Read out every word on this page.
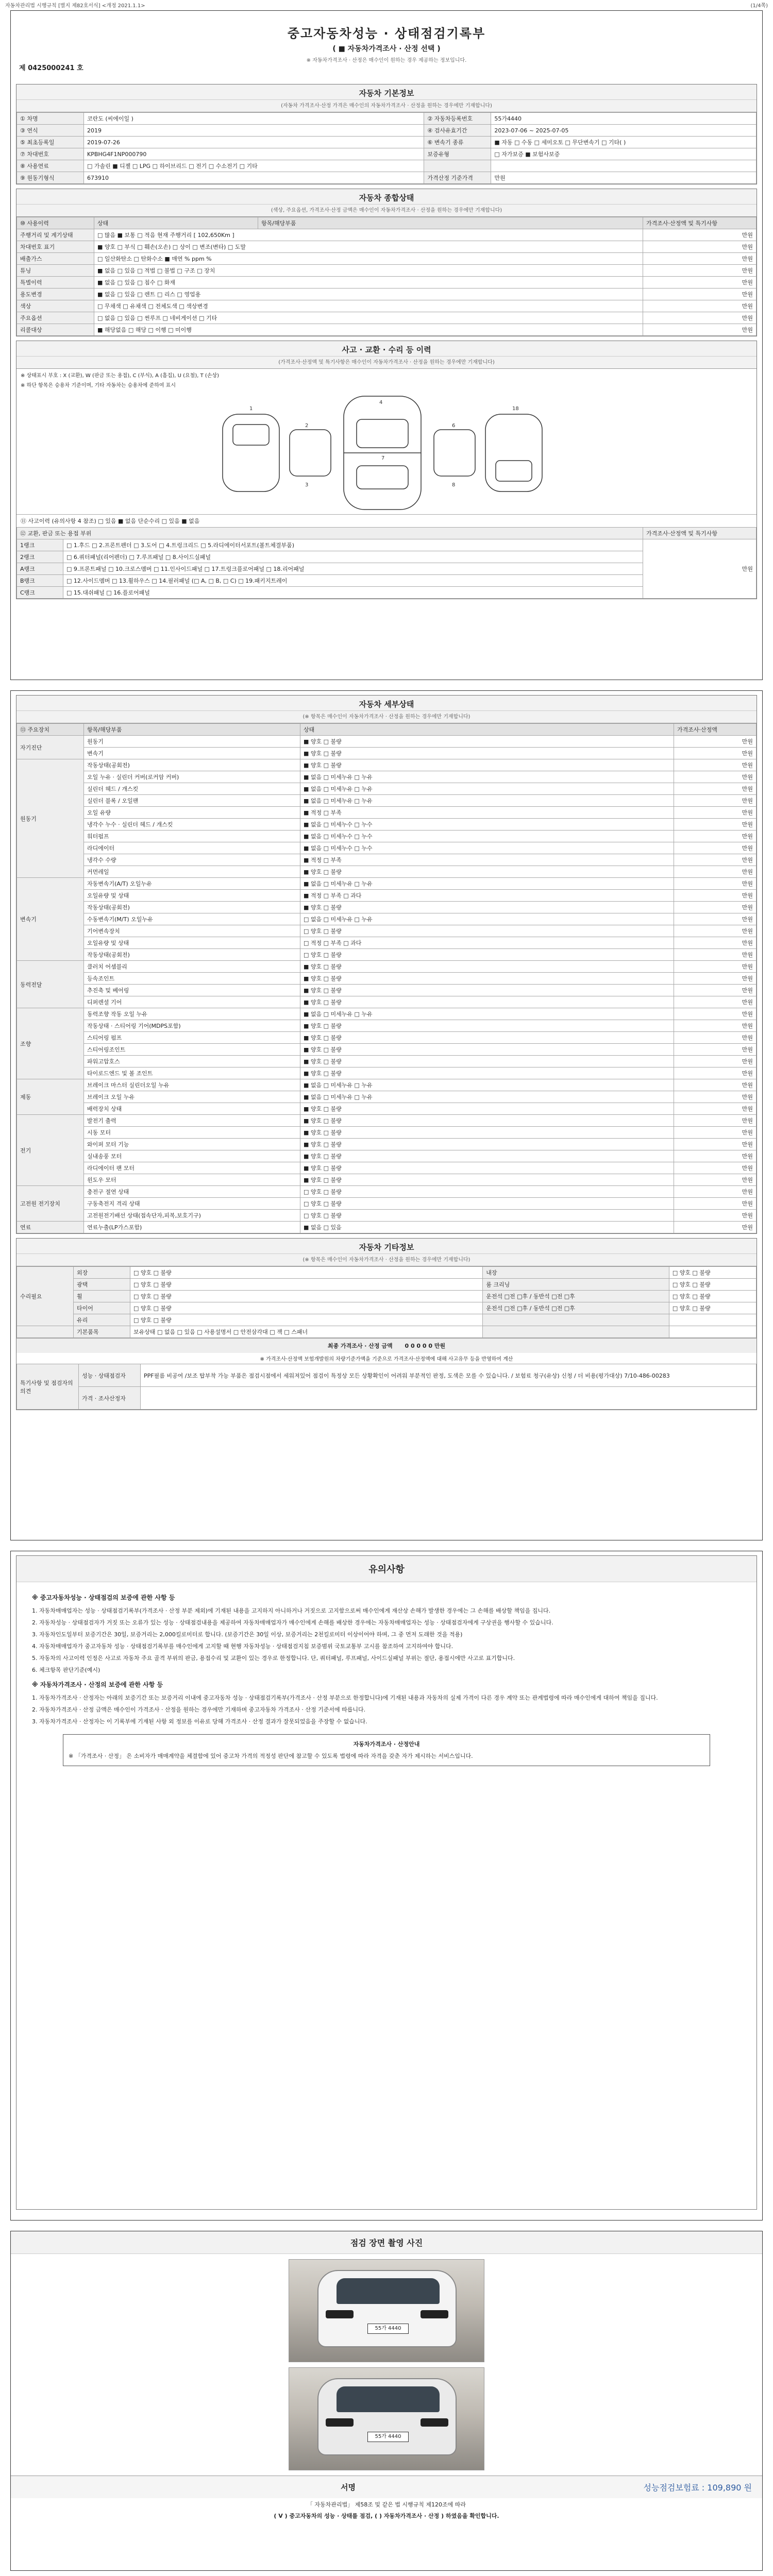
자동차관리법 시행규칙 [별지 제82호서식] <개정 2021.1.1>	(1/4쪽)
중고자동차성능 · 상태점검기록부
( ■ 자동차가격조사 · 산정 선택 )
※ 자동차가격조사 · 산정은 매수인이 원하는 경우 제공하는 정보입니다.
제 0425000241 호
자동차 기본정보
(자동차 가격조사·산정 가격은 매수인의 자동차가격조사 · 산정을 원하는 경우에만 기재합니다)
① 차명	코란도 (씨에이일 )	② 자동차등록번호	55가4440
③ 연식	2019	④ 검사유효기간	2023-07-06 ~ 2025-07-05
⑤ 최초등록일	2019-07-26	⑥ 변속기 종류	■ 자동 □ 수동 □ 세미오토 □ 무단변속기 □ 기타( )
⑦ 차대번호	KPBHG4F1NP000790	보증유형	□ 자가보증 ■ 보험사보증
⑧ 사용연료	□ 가솔린 ■ 디젤 □ LPG □ 하이브리드 □ 전기 □ 수소전기 □ 기타		
⑨ 원동기형식	673910	가격산정 기준가격	만원
자동차 종합상태
(색상, 주요옵션, 가격조사·산정 금액은 매수인이 자동차가격조사 · 산정을 원하는 경우에만 기재합니다)
⑩ 사용이력	상태	항목/해당부품	가격조사·산정액 및 특기사항
주행거리 및 계기상태	□ 많음 ■ 보통 □ 적음 현재 주행거리 [ 102,650Km ]		만원
차대번호 표기	■ 양호 □ 부식 □ 훼손(오손) □ 상이 □ 변조(변타) □ 도말		만원
배출가스	□ 일산화탄소 □ 탄화수소 ■ 매연 % ppm %		만원
튜닝	■ 없음 □ 있음 □ 적법 □ 불법 □ 구조 □ 장치		만원
특별이력	■ 없음 □ 있음 □ 침수 □ 화재		만원
용도변경	■ 없음 □ 있음 □ 렌트 □ 리스 □ 영업용		만원
색상	□ 무채색 □ 유채색 □ 전체도색 □ 색상변경		만원
주요옵션	□ 없음 □ 있음 □ 썬루프 □ 네비게이션 □ 기타		만원
리콜대상	■ 해당없음 □ 해당 □ 이행 □ 미이행		만원
사고 · 교환 · 수리 등 이력
(가격조사·산정액 및 특기사항은 매수인이 자동차가격조사 · 산정을 원하는 경우에만 기재합니다)
※ 상태표시 부호 : X (교환), W (판금 또는 용접), C (부식), A (흠집), U (요철), T (손상)
※ 하단 항목은 승용차 기준이며, 기타 자동차는 승용차에 준하여 표시
1
4
18
2	6
7
3	8
⑪ 사고이력 (유의사항 4 참조) □ 있음 ■ 없음 단순수리 □ 있음 ■ 없음
⑫ 교환, 판금 또는 용접 부위		가격조사·산정액 및 특기사항
1랭크	□ 1.후드 □ 2.프론트펜더 □ 3.도어 □ 4.트렁크리드 □ 5.라디에이터서포트(볼트체결부품)	만원
2랭크	□ 6.쿼터패널(리어펜더) □ 7.루프패널 □ 8.사이드실패널	
A랭크	□ 9.프론트패널 □ 10.크로스멤버 □ 11.인사이드패널 □ 17.트렁크플로어패널 □ 18.리어패널	
B랭크	□ 12.사이드멤버 □ 13.휠하우스 □ 14.필러패널 (□ A, □ B, □ C) □ 19.패키지트레이	
C랭크	□ 15.대쉬패널 □ 16.플로어패널	
자동차 세부상태
(※ 항목은 매수인이 자동차가격조사 · 산정을 원하는 경우에만 기재합니다)
⑬ 주요장치	항목/해당부품	상태	가격조사·산정액
자기진단	원동기	■ 양호 □ 불량	만원
	변속기	■ 양호 □ 불량	만원
원동기	작동상태(공회전)	■ 양호 □ 불량	만원
	오일 누유 · 실린더 커버(로커암 커버)	■ 없음 □ 미세누유 □ 누유	만원
	실린더 헤드 / 개스킷	■ 없음 □ 미세누유 □ 누유	만원
	실린더 블록 / 오일팬	■ 없음 □ 미세누유 □ 누유	만원
	오일 유량	■ 적정 □ 부족	만원
	냉각수 누수 · 실린더 헤드 / 개스킷	■ 없음 □ 미세누수 □ 누수	만원
	워터펌프	■ 없음 □ 미세누수 □ 누수	만원
	라디에이터	■ 없음 □ 미세누수 □ 누수	만원
	냉각수 수량	■ 적정 □ 부족	만원
	커먼레일	■ 양호 □ 불량	만원
변속기	자동변속기(A/T) 오일누유	■ 없음 □ 미세누유 □ 누유	만원
	오일유량 및 상태	■ 적정 □ 부족 □ 과다	만원
	작동상태(공회전)	■ 양호 □ 불량	만원
	수동변속기(M/T) 오일누유	□ 없음 □ 미세누유 □ 누유	만원
	기어변속장치	□ 양호 □ 불량	만원
	오일유량 및 상태	□ 적정 □ 부족 □ 과다	만원
	작동상태(공회전)	□ 양호 □ 불량	만원
동력전달	클러치 어셈블리	■ 양호 □ 불량	만원
	등속조인트	■ 양호 □ 불량	만원
	추진축 및 베어링	■ 양호 □ 불량	만원
	디퍼렌셜 기어	■ 양호 □ 불량	만원
조향	동력조향 작동 오일 누유	■ 없음 □ 미세누유 □ 누유	만원
	작동상태 · 스티어링 기어(MDPS포함)	■ 양호 □ 불량	만원
	스티어링 펌프	■ 양호 □ 불량	만원
	스티어링조인트	■ 양호 □ 불량	만원
	파워고압호스	■ 양호 □ 불량	만원
	타이로드엔드 및 볼 조인트	■ 양호 □ 불량	만원
제동	브레이크 마스터 실린더오일 누유	■ 없음 □ 미세누유 □ 누유	만원
	브레이크 오일 누유	■ 없음 □ 미세누유 □ 누유	만원
	배력장치 상태	■ 양호 □ 불량	만원
전기	발전기 출력	■ 양호 □ 불량	만원
	시동 모터	■ 양호 □ 불량	만원
	와이퍼 모터 기능	■ 양호 □ 불량	만원
	실내송풍 모터	■ 양호 □ 불량	만원
	라디에이터 팬 모터	■ 양호 □ 불량	만원
	윈도우 모터	■ 양호 □ 불량	만원
고전원 전기장치	충전구 절연 상태	□ 양호 □ 불량	만원
	구동축전지 격리 상태	□ 양호 □ 불량	만원
	고전원전기배선 상태(접속단자,피복,보호기구)	□ 양호 □ 불량	만원
연료	연료누출(LP가스포함)	■ 없음 □ 있음	만원
자동차 기타정보
(※ 항목은 매수인이 자동차가격조사 · 산정을 원하는 경우에만 기재합니다)
수리필요	외장	□ 양호 □ 불량	내장	□ 양호 □ 불량
	광택	□ 양호 □ 불량	룸 크리닝	□ 양호 □ 불량
	휠	□ 양호 □ 불량	운전석 □전 □후 / 동반석 □전 □후	□ 양호 □ 불량
	타이어	□ 양호 □ 불량	운전석 □전 □후 / 동반석 □전 □후	□ 양호 □ 불량
	유리	□ 양호 □ 불량		
	기본품목	보유상태 □ 없음 □ 있음 □ 사용설명서 □ 안전삼각대 □ 잭 □ 스패너		
최종 가격조사 · 산정 금액 0 0 0 0 0 만원
※ 가격조사·산정액 보험개발원의 차량기준가액을 기준으로 가격조사·산정액에 대해 사고유무 등을 반영하여 계산
특기사항 및 점검자의 의견	성능 · 상태점검자	PPF필름 비공여 /보조 탑부착 가능 부품은 점검시점에서 세워져있어 점검이 특정상 모든 상황확인이 어려워 부분적인 판정, 도색은 모를 수 있습니다. / 보험료 청구(유상) 신청 / 더 비용(평가대상) 7/10-486-00283
	가격 · 조사산정자	
유의사항
※ 중고자동차성능 · 상태점검의 보증에 관한 사항 등

1. 자동차매매업자는 성능 · 상태점검기록부(가격조사 · 산정 부분 제외)에 기재된 내용을 고지하지 아니하거나 거짓으로 고지함으로써 매수인에게 재산상 손해가 발생한 경우에는 그 손해를 배상할 책임을 집니다.

2. 자동차성능 · 상태점검자가 거짓 또는 오류가 있는 성능 · 상태점검내용을 제공하여 자동차매매업자가 매수인에게 손해를 배상한 경우에는 자동차매매업자는 성능 · 상태점검자에게 구상권을 행사할 수 있습니다.

3. 자동차인도일부터 보증기간은 30일, 보증거리는 2,000킬로미터로 합니다. (보증기간은 30일 이상, 보증거리는 2천킬로미터 이상이어야 하며, 그 중 먼저 도래한 것을 적용)

4. 자동차매매업자가 중고자동차 성능 · 상태점검기록부를 매수인에게 고지할 때 현행 자동차성능 · 상태점검지침 보증범위 국토교통부 고시를 참조하여 고지하여야 합니다.

5. 자동차의 사고이력 인정은 사고로 자동차 주요 골격 부위의 판금, 용접수리 및 교환이 있는 경우로 한정합니다. 단, 쿼터패널, 루프패널, 사이드실패널 부위는 절단, 용접시에만 사고로 표기합니다.

6. 체크항목 판단기준(예시)

※ 자동차가격조사 · 산정의 보증에 관한 사항 등

1. 자동차가격조사 · 산정자는 아래의 보증기간 또는 보증거리 이내에 중고자동차 성능 · 상태점검기록부(가격조사 · 산정 부분으로 한정합니다)에 기재된 내용과 자동차의 실제 가격이 다른 경우 계약 또는 관계법령에 따라 매수인에게 대하여 책임을 집니다.

2. 자동차가격조사 · 산정 금액은 매수인이 가격조사 · 산정을 원하는 경우에만 기재하며 중고자동차 가격조사 · 산정 기준서에 따릅니다.

3. 자동차가격조사 · 산정자는 이 기록부에 기재된 사항 외 정보를 이유로 당해 가격조사 · 산정 결과가 잘못되었음을 주장할 수 없습니다.

자동차가격조사 · 산정안내
※ 「가격조사 · 산정」 은 소비자가 매매계약을 체결함에 있어 중고차 가격의 적정성 판단에 참고할 수 있도록 법령에 따라 자격을 갖춘 자가 제시하는 서비스입니다.
점검 장면 촬영 사진
55가 4440
55가 4440
서명	성능점검보험료 : 109,890 원
「 자동차관리법」 제58조 및 같은 법 시행규칙 제120조에 따라
( V ) 중고자동차의 성능 · 상태를 점검, ( ) 자동차가격조사 · 산정 ) 하였음을 확인합니다.
